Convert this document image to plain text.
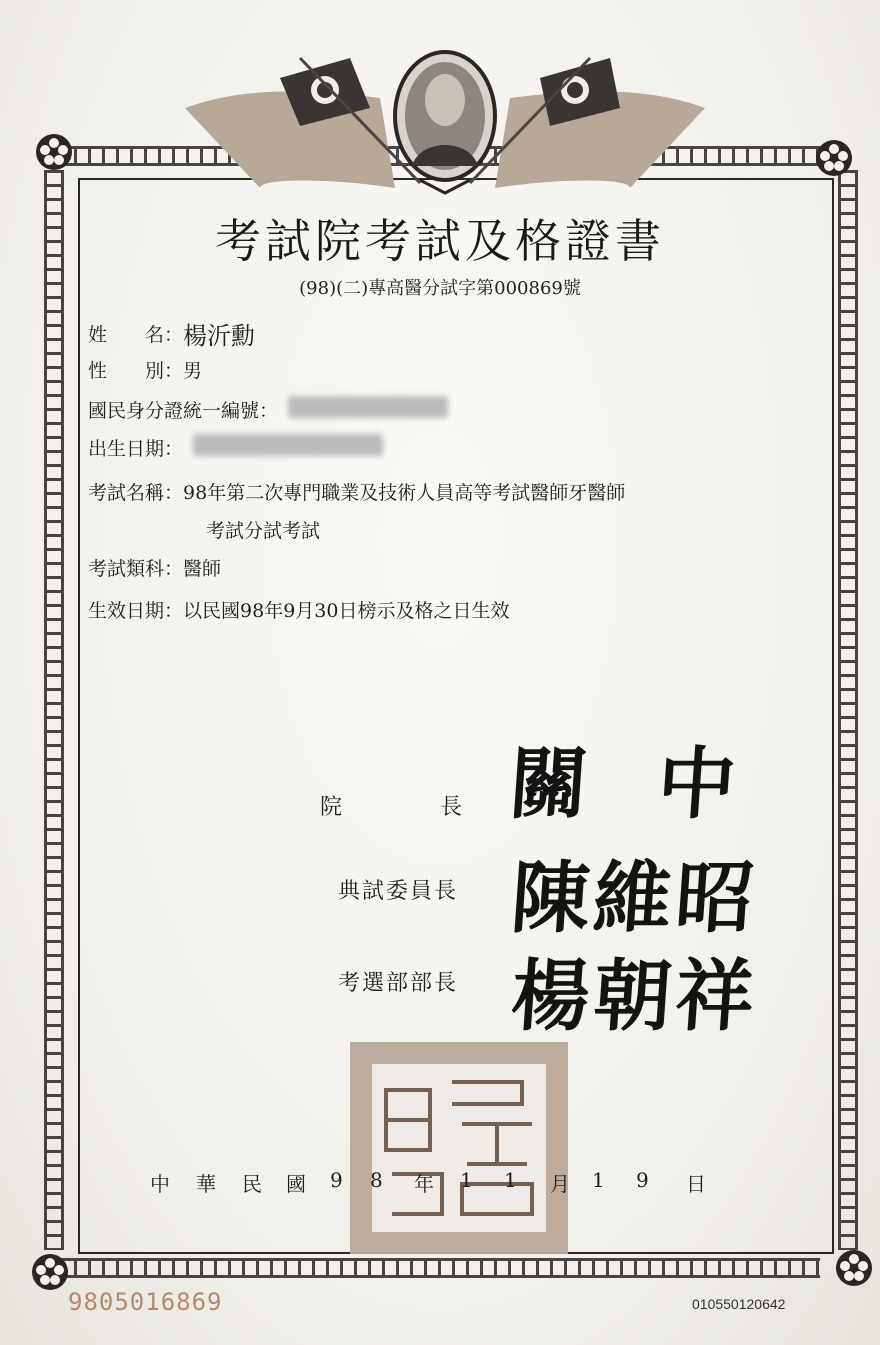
考試院考試及格證書
(98)(二)專高醫分試字第000869號
姓　　名： 楊沂勳
性　　別： 男
國民身分證統一編號：
出生日期：
考試名稱： 98年第二次專門職業及技術人員高等考試醫師牙醫師
考試分試考試
考試類科： 醫師
生效日期： 以民國98年9月30日榜示及格之日生效
院　　　　長 關中
典試委員長 陳維昭
考選部部長 楊朝祥
中 華 民 國 9 8 年 1 1 月 1 9 日
9805016869	010550120642
